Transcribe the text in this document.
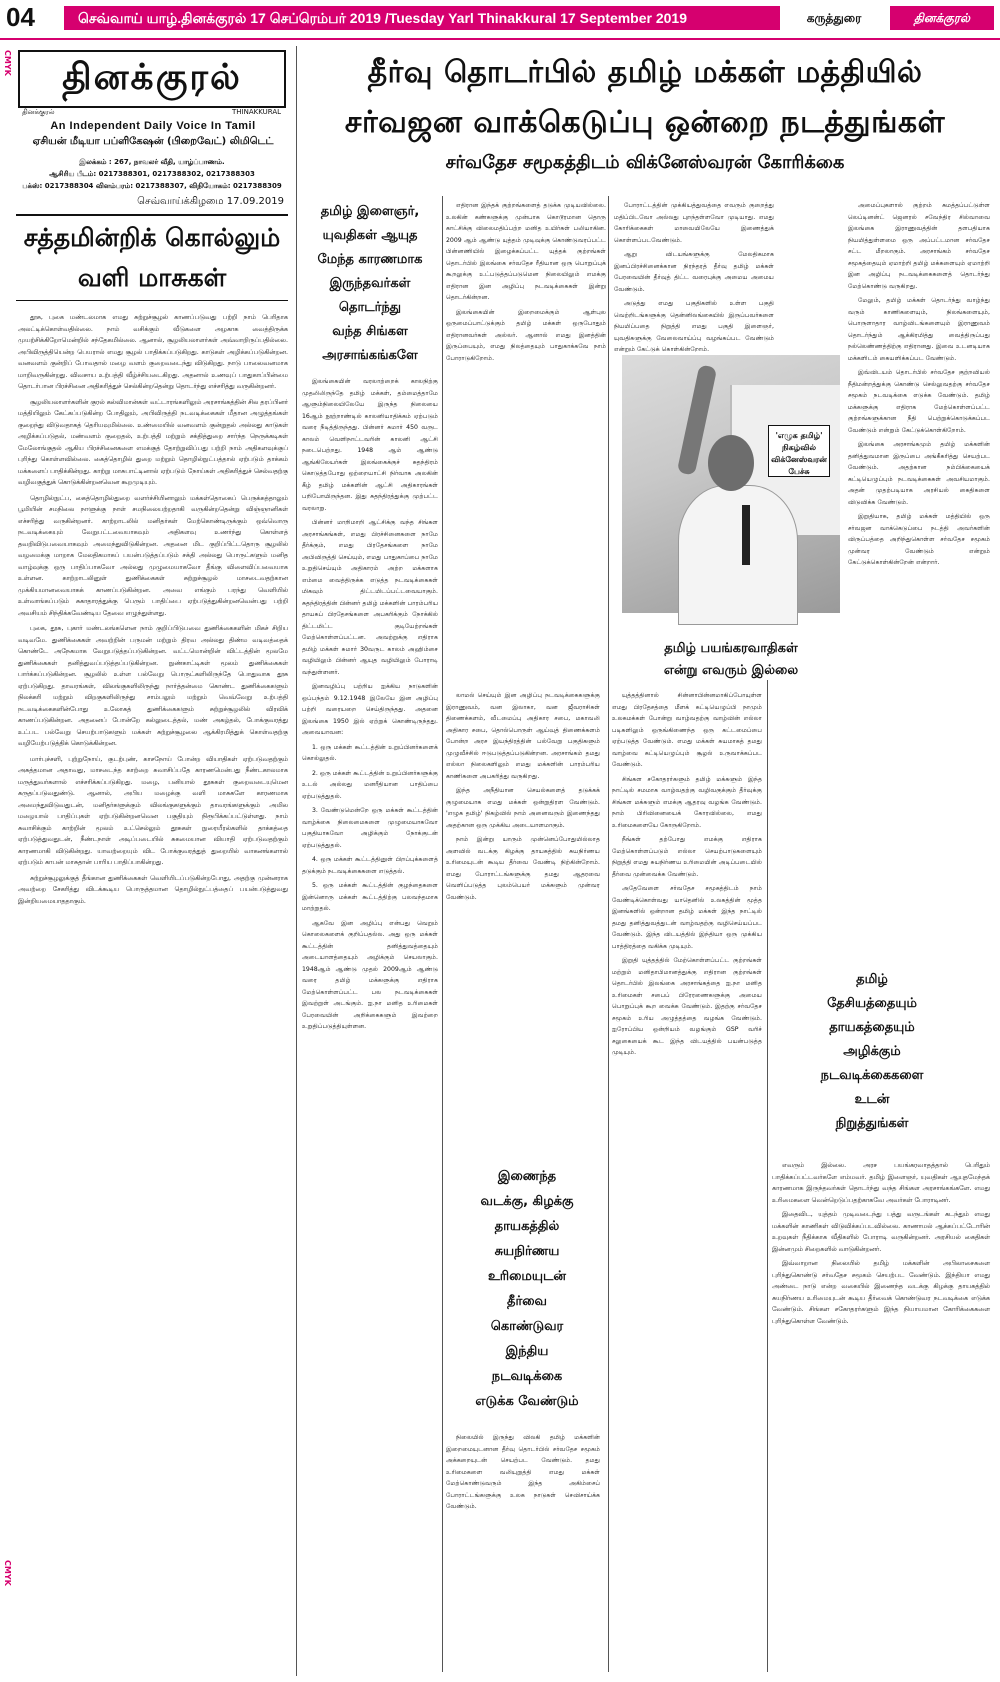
04	செவ்வாய் யாழ்.தினக்குரல் 17 செப்ரெம்பர் 2019 /Tuesday Yarl Thinakkural 17 September 2019	கருத்துரை	தினக்குரல்
CMYK
CMYK
தினக்குரல்
தினக்குரல்	THINAKKURAL
An Independent Daily Voice In Tamil
ஏசியன் மீடியா பப்ளிகேஷன் (பிறைவேட்) லிமிடெட்
இலக்கம் : 267, நாவலர் வீதி, யாழ்ப்பாணம்.
ஆசிரிய பீடம்: 0217388301, 0217388302, 0217388303
பக்ஸ்: 0217388304 விளம்பரம்: 0217388307, விநியோகம்: 0217388309
செவ்வாய்க்கிழமை 17.09.2019
சத்தமின்றிக் கொல்லும்
வளி மாசுகள்

தூசு, புகை மண்டலமாக எமது சுற்றுச்சூழல் காணப்படுவது பற்றி நாம் பெரிதாக அலட்டிக்கொள்வதில்லை. நாம் வசிக்கும் வீடுகளை அழகாக வைத்திருக்க முயற்சிக்கிறோமென்றில் சந்தேகமில்லை. ஆனால், சூழலியலாளர்கள் அவ்வாறிருப்பதில்லை. அபிவிருத்தியென்ற பெயரால் எமது சூழல் பாதிக்கப்படுகிறது. காடுகள் அழிக்கப்படுகின்றன. வனவளம் குன்றிப் போவதால் மழை வளம் குறைவடைந்து விடுகிறது. நாடு பாலைவனமாக மாறிவருகின்றது. விவசாய உற்பத்தி வீழ்ச்சியடைகிறது. அதனால் உணவுப் பாதுகாப்பின்மை தொடர்பான பிரச்சினை அதிகரித்துச் செல்கின்றதென்று தொடர்ந்து எச்சரித்து வருகின்றனர்.

சூழலியலாளர்களின் குரல் கல்விமான்கள் வட்டாரங்களிலும் அரசாங்கத்தின் சில தரப்பினர் மத்தியிலும் கேட்கப்படுகின்ற போதிலும், அபிவிருத்தி நடவடிக்கைகள் மீதான அழுத்தங்கள் குறைந்து விடுவதாகத் தெரியவுமில்லை. உண்மையில் வனவளம் குன்றுதல் அல்லது காடுகள் அழிக்கப்படுதல், மண்வளம் குறைதல், உற்பத்தி மற்றும் சக்தித்துறை சார்ந்த நெருக்கடிகள் மேலோங்குதல் ஆகிய பிரச்சினைகளை எமக்குத் தோற்றுவிப்பது பற்றி நாம் அதிகளவுக்குப் புரிந்து கொள்ளவில்லை. கைத்தொழில் துறை மற்றும் தொழில்நுட்பத்தால் ஏற்படும் தாக்கம் மக்களைப் பாதிக்கின்றது. காற்று மாசுபாட்டினால் ஏற்படும் நோய்கள் அதிகரித்துச் செல்வதற்கு வழிவகுத்துக் கொடுக்கின்றனவென கூறமுடியும்.

தொழில்நுட்ப, கைத்தொழில்துறை வளர்ச்சியினாலும் மக்கள்தொகைப் பெருக்கத்தாலும் பூமியின் சமநிலை நாளுக்கு நாள் சமநிலையற்றதாகி வருகின்றதென்று விஞ்ஞானிகள் எச்சரித்து வருகின்றனர். காற்றாடலில் மனிதர்கள் மேற்கொண்டிருக்கும் ஒவ்வொரு நடவடிக்கையும் வேறுபட்டவையாகவும் அதிகளவு உணர்ந்து கொள்ளத் தவறிவிடுபவையாகவும் அமைந்துவிடுகின்றன. அதனை மிட குறிப்பிட்டதொரு சூழலில் வழமைக்கு மாறாக மேலதிகமாகப் பயன்படுத்தப்படும் சக்தி அல்லது பொருட்களும் மனித வாழ்வுக்கு ஒரு பாதிப்பாகவோ அல்லது முழுமையாகவோ தீங்கு விளைவிப்பவையாக உள்ளன. காற்றாடலினுள் துணிக்கைகள் சுற்றுச்சூழல் மாசடைவதற்கான முக்கியமானவையாகக் காணப்படுகின்றன. அவை எங்கும் பரந்து வெளியில் உள்வாங்கப்படும் சுகாதாரத்துக்கு பெரும் பாதிப்பை ஏற்படுத்துகின்றனவென்பது பற்றி அவசியம் சிந்திக்கவேண்டிய தேவை எழுந்துள்ளது.

புகை, தூசு, புகார் மண்டலங்களென நாம் குறிப்பிடுபவை துணிக்கைகளின் மிகச் சிறிய வடிவமே. துணிக்கைகள் அவற்றின் பருமன் மற்றும் திரவ அல்லது திண்ம வடிவத்தைக் கொண்டே அநேகமாக வேறுபடுத்தப்படுகின்றன. வட்டமொன்றின் விட்டத்தின் மூலமே துணிக்கைகள் தனித்துவப்படுத்தப்படுகின்றன. நுண்காட்டிகள் மூலம் துணிக்கைகள் பார்க்கப்படுகின்றன. சூழலில் உள்ள பல்வேறு பொருட்களிலிருந்தே பொதுவாக தூசு ஏற்படுகிறது. தாவரங்கள், விலங்குகளிலிருந்து நார்த்தன்மை கொண்ட துணிக்கைகளும் நிலக்கரி மற்றும் விறகுகளிலிருந்து சாம்பலும் மற்றும் வெவ்வேறு உற்பத்தி நடவடிக்கைகளின்போது உலோகத் துணிக்கைகளும் சுற்றுச்சூழலில் விரவிக் காணப்படுகின்றன. அதனைப் போன்றே கல்லுடைத்தல், மண் அகழ்தல், போக்குவரத்து உட்பட பல்வேறு செயற்பாடுகளும் மக்கள் சுற்றுச்சூழலை ஆக்கிரமித்துக் கொள்வதற்கு வழியேற்படுத்திக் கொடுக்கின்றன.

மார்புச்சளி, புற்றுநோய், குடற்புண், காசநோய் போன்ற வியாதிகள் ஏற்படுவதற்கும் அசுத்தமான அதாவது, மாசடைந்த காற்றை சுவாசிப்பதே காரணமென்பது நீண்டகாலமாக மருத்துவர்களால் எச்சரிக்கப்படுகிறது. மழை, பனியால் தூசுகள் குறைவடையுமென கருதப்படுவதுண்டு. ஆனால், அபிய மழைக்கு வளி மாசுகளே காரணமாக அமைந்துவிடுவதுடன், மனிதர்களுக்கும் விலங்குகளுக்கும் தாவரங்களுக்கும் அமில மழையால் பாதிப்புகள் ஏற்படுகின்றனவென பகுதியும் நிரூபிக்கப்பட்டுள்ளது. நாம் சுவாசிக்கும் காற்றின் மூலம் உட்செல்லும் தூசுகள் நுரையீரல்களில் தாக்கத்தை ஏற்படுத்துவதுடன், நீண்டநாள் அடிப்படையில் சுகமையான வியாதி ஏற்படுவதற்கும் காரணமாகி விடுகின்றது. யாவற்றையும் விட போக்குவரத்துத் துறையில் வாகனங்களால் ஏற்படும் காபன் மாசுதான் பாரிய பாதிப்பாகின்றது.

சுற்றுச்சூழலுக்குத் தீங்கான துணிக்கைகள் வெளியிடப்படுகின்றபோது, அதற்கு முன்னராக அவற்றை சேகரித்து விடக்கூடிய பொருத்தமான தொழில்நுட்பத்தைப் பயன்படுத்துவது இன்றியமையாததாகும்.

தீர்வு தொடர்பில் தமிழ் மக்கள் மத்தியில்
சர்வஜன வாக்கெடுப்பு ஒன்றை நடத்துங்கள்
சர்வதேச சமூகத்திடம் விக்னேஸ்வரன் கோரிக்கை
தமிழ் இளைஞர்,
யுவதிகள் ஆயுத
மேந்த காரணமாக
இருந்தவர்கள்
தொடர்ந்து
வந்த சிங்கள
அரசாங்கங்களே

இலங்கையின் வரலாற்றைக் காலநிற்கு முதலிலிருந்தே தமிழ் மக்கள், தம்மைத்தாமே ஆளும்நிலையிலேயே இருந்த நிலையை 16ஆம் நூற்றாண்டில் காலனியாதிக்கம் ஏற்படும் வரை நீடித்திருந்தது. பின்னர் சுமார் 450 வருட காலம் வெளிநாட்டவரின் காலனி ஆட்சி நடைபெற்றது. 1948 ஆம் ஆண்டு ஆங்கிலேயர்கள் இலங்கைக்குச் சுதந்திரம் கொடுத்தபோது ஒற்றையாட்சி நிர்வாக அலகின் கீழ் தமிழ் மக்களின் ஆட்சி அதிகாரங்கள் பறிபோயிருந்தன. இது சுதந்திரத்துக்கு முற்பட்ட வரலாறு.

பின்னர் மாறிமாறி ஆட்சிக்கு வந்த சிங்கள அரசாங்கங்கள், எமது பிரச்சினைகளை நாமே தீர்க்கும், எமது பிரதேசங்களை நாமே அபிவிருத்தி செய்யும், எமது பாதுகாப்பை நாமே உறுதிசெய்யும் அதிகாரம் அற்ற மக்களாக எம்மை வைத்திருக்க எடுத்த நடவடிக்கைகள் மிகவும் திட்டமிடப்பட்டவையாகும். சுதந்திரத்தின் பின்னர் தமிழ் மக்களின் பாரம்பரிய தாயகப் பிரதேசங்களை அபகரிக்கும் நோக்கில் திட்டமிட்ட குடியேற்றங்கள் மேற்கொள்ளப்பட்டன. அவற்றுக்கு எதிராக தமிழ் மக்கள் சுமார் 30வருட காலம் அஹிம்சை வழியிலும் பின்னர் ஆயுத வழியிலும் போராடி வந்துள்ளனர்.

இனவழிப்பு பற்றிய ஐக்கிய நாடுகளின் ஒப்பந்தம் 9.12.1948 இலேயே இன அழிப்பு பற்றி வரையறை செய்திருந்தது. அதனை இலங்கை 1950 இல் ஏற்றுக் கொண்டிருந்தது. அவையாவன:

1. ஒரு மக்கள் கூட்டத்தின் உறுப்பினர்களைக் கொல்லுதல்.

2. ஒரு மக்கள் கூட்டத்தின் உறுப்பினர்களுக்கு உடல் அல்லது மனரீதியான பாதிப்பை ஏற்படுத்துதல்.

3. வேண்டுமென்றே ஒரு மக்கள் கூட்டத்தின் வாழ்க்கை நிலைமைகளை முழுமையாகவோ பகுதியாகவோ அழிக்கும் நோக்குடன் ஏற்படுத்துதல்.

4. ஒரு மக்கள் கூட்டத்தினுள் பிறப்புக்களைத் தடுக்கும் நடவடிக்கைகளை எடுத்தல்.

5. ஒரு மக்கள் கூட்டத்தின் குழந்தைகளை இன்னொரு மக்கள் கூட்டத்திற்கு பலவந்தமாக மாற்றுதல்.

ஆகவே இன அழிப்பு என்பது வெறும் கொலைகளைக் குறிப்பதல்ல. அது ஒரு மக்கள் கூட்டத்தின் தனித்துவத்தையும் அடையாளத்தையும் அழிக்கும் செயலாகும். 1948ஆம் ஆண்டு முதல் 2009ஆம் ஆண்டு வரை தமிழ் மக்களுக்கு எதிராக மேற்கொள்ளப்பட்ட பல நடவடிக்கைகள் இவற்றுள் அடங்கும். ஐ.நா மனித உரிமைகள் பேரவையின் அறிக்கைகளும் இவற்றை உறுதிப்படுத்தியுள்ளன.

எதிரான இந்தக் குற்றங்களைத் தடுக்க முடியவில்லை. உலகின் கண்களுக்கு முன்பாக கொடூரமான தொரு காட்சிக்கு விலைமதிப்பற்ற மனித உயிர்கள் பலியாகின. 2009 ஆம் ஆண்டு யுத்தம் முடிவுக்கு கொண்டுவரப்பட்ட பின்னணியில் இழைக்கப்பட்ட யுத்தக் குற்றங்கள் தொடர்பில் இலங்கை சர்வதேச ரீதியான ஒரு பொறுப்புக் கூறலுக்கு உட்படுத்தப்படுமென நிலையிலும் எமக்கு எதிரான இன அழிப்பு நடவடிக்கைகள் இன்று தொடர்கின்றன.

இலங்கையின் இறைமைக்கும் ஆள்புல ஒருமைப்பாட்டுக்கும் தமிழ் மக்கள் ஒருபோதும் எதிரானவர்கள் அல்லர். ஆனால் எமது இனத்தின் இருப்பையும், எமது நிலத்தையும் பாதுகாக்கவே நாம் போராடுகிறோம்.

போராட்டத்தின் முக்கியத்துவத்தை எவரும் குறைத்து மதிப்பிடவோ அல்லது புறந்தள்ளவோ முடியாது. எமது கோரிக்கைகள் மாவையிலேயே இணைத்துக் கொள்ளப்படவேண்டும்.

ஆறு விடயங்களுக்கு மேலதிகமாக இனப்பிரச்சினைக்கான நிரந்தரத் தீர்வு தமிழ் மக்கள் பேரவையின் தீர்வுத் திட்ட வரைபுக்கு அமைய அமைய வேண்டும்.

அடுத்து எமது பகுதிகளில் உள்ள பகுதி வெற்றிடங்களுக்கு தென்னிலங்கையில் இருப்பவர்களை நியமிப்பதை நிறுத்தி எமது பகுதி இளைஞர், யுவதிகளுக்கு வேலைவாய்ப்பு வழங்கப்பட வேண்டும் என்றும் கேட்டுக் கொள்கின்றோம்.

'எழுக தமிழ்'
நிகழ்வில்
விக்னேஸ்வரன்
பேச்சு
தமிழ் பயங்கரவாதிகள்
என்று எவரும் இல்லை

அமைப்புகளால் குற்றம் சுமத்தப்பட்டுள்ள லெப்டினன்ட் ஜெனரல் சவேந்திர சில்வாவை இலங்கை இராணுவத்தின் தளபதியாக நியமித்துள்ளமை ஒரு அப்பட்டமான சர்வதேச சட்ட மீறலாகும். அரசாங்கம் சர்வதேச சமூகத்தையும் ஏமாற்றி தமிழ் மக்களையும் ஏமாற்றி இன அழிப்பு நடவடிக்கைகளைத் தொடர்ந்து மேற்கொண்டு வருகிறது.

மேலும், தமிழ் மக்கள் தொடர்ந்து வாழ்ந்து வரும் காணிகளையும், நிலங்களையும், பொருளாதார வாழ்விடங்களையும் இராணுவம் தொடர்ந்தும் ஆக்கிரமித்து வைத்திருப்பது நல்லெண்ணத்திற்கு எதிரானது. இவை உடனடியாக மக்களிடம் கையளிக்கப்பட வேண்டும்.

இவ்விடயம் தொடர்பில் சர்வதேச குற்றவியல் நீதிமன்றத்துக்கு கொண்டு செல்லுவதற்கு சர்வதேச சமூகம் நடவடிக்கை எடுக்க வேண்டும். தமிழ் மக்களுக்கு எதிராக மேற்கொள்ளப்பட்ட குற்றங்களுக்கான நீதி பெற்றுக்கொடுக்கப்பட வேண்டும் என்றும் கேட்டுக்கொள்கிறோம்.

இலங்கை அரசாங்கமும் தமிழ் மக்களின் தனித்துவமான இருப்பை அங்கீகரித்து செயற்பட வேண்டும். அதற்கான நம்பிக்கையைக் கட்டியெழுப்பும் நடவடிக்கைகள் அவசியமாகும். அதன் முதற்படியாக அரசியல் கைதிகளை விடுவிக்க வேண்டும்.

இறுதியாக, தமிழ் மக்கள் மத்தியில் ஒரு சர்வஜன வாக்கெடுப்பை நடத்தி அவர்களின் விருப்பத்தை அறிந்துகொள்ள சர்வதேச சமூகம் முன்வர வேண்டும் என்றும் கேட்டுக்கொள்கின்றேன் என்றார்.

லாமல் செய்யும் இன அழிப்பு நடவடிக்கைகளுக்கு இராணுவம், வன இலாகா, வன ஜீவராசிகள் திணைக்களம், வீடமைப்பு அதிகார சபை, மகாவலி அதிகார சபை, தொல்பொருள் ஆய்வுத் திணைக்களம் போன்ற அரச இயந்திரத்தின் பல்வேறு பகுதிகளும் முழுவீச்சில் ஈடுபடுத்தப்படுகின்றன. அரசாங்கம் தமது எல்லா நிலைகளிலும் எமது மக்களின் பாரம்பரிய காணிகளை அபகரித்து வருகிறது.

இந்த அநீதியான செயல்களைத் தடுக்கக் குழுமையாக எமது மக்கள் ஒன்றுதிரள வேண்டும். 'எழுக தமிழ்' நிகழ்வில் நாம் அனைவரும் இணைந்தது அதற்கான ஒரு முக்கிய அடையாளமாகும்.

நாம் இன்று யாரும் முன்னெப்போதுமில்லாத அளவில் வடக்கு கிழக்கு தாயகத்தில் சுயநிர்ணய உரிமையுடன் கூடிய தீர்வை வேண்டி நிற்கின்றோம். எமது போராட்டங்களுக்கு தமது ஆதரவை வெளிப்படுத்த புலம்பெயர் மக்களும் முன்வர வேண்டும்.

இணைந்த
வடக்கு, கிழக்கு
தாயகத்தில்
சுயநிர்ணய
உரிமையுடன்
தீர்வை
கொண்டுவர
இந்திய
நடவடிக்கை
எடுக்க வேண்டும்

நிலையில் இருந்து விலகி தமிழ் மக்களின் இறைமையுடனான தீர்வு தொடர்பில் சர்வதேச சமூகம் அக்கறையுடன் செயற்பட வேண்டும். தமது உரிமைகளை வலியுறுத்தி எமது மக்கள் மேற்கொண்டுவரும் இந்த அகிம்சைப் போராட்டங்களுக்கு உலக நாடுகள் செவிசாய்க்க வேண்டும்.

யுத்தத்தினால் சின்னாபின்னமாகிப்போயுள்ள எமது பிரதேசத்தை மீளக் கட்டியெழுப்பி நாமும் உலகமக்கள் போன்று வாழ்வதற்கு வாழ்வின் எல்லா படிகளிலும் ஒருங்கிணைந்த ஒரு கட்டமைப்பை ஏற்படுத்த வேண்டும். எமது மக்கள் சுயமாகத் தமது வாழ்வை கட்டியெழுப்பும் சூழல் உருவாக்கப்பட வேண்டும்.

சிங்கள சகோதரர்களும் தமிழ் மக்களும் இந்த நாட்டில் சமமாக வாழ்வதற்கு வழிவகுக்கும் தீர்வுக்கு சிங்கள மக்களும் எமக்கு ஆதரவு வழங்க வேண்டும். நாம் பிரிவினையைக் கோரவில்லை, எமது உரிமைகளையே கோருகிறோம்.

நீங்கள் தற்போது எமக்கு எதிராக மேற்கொள்ளப்படும் எல்லா செயற்பாடுகளையும் நிறுத்தி எமது சுயநிர்ணய உரிமையின் அடிப்படையில் தீர்வை முன்வைக்க வேண்டும்.

அதேவேளை சர்வதேச சமூகத்திடம் நாம் வேண்டிக்கொள்வது யாதெனில் உலகத்தின் மூத்த இனங்களில் ஒன்றான தமிழ் மக்கள் இந்த நாட்டில் தமது தனித்துவத்துடன் வாழ்வதற்கு வழிசெய்யப்பட வேண்டும். இந்த விடயத்தில் இந்தியா ஒரு முக்கிய பாத்திரத்தை வகிக்க முடியும்.

இறுதி யுத்தத்தில் மேற்கொள்ளப்பட்ட குற்றங்கள் மற்றும் மனிதாபிமானத்துக்கு எதிரான குற்றங்கள் தொடர்பில் இலங்கை அரசாங்கத்தை ஐ.நா மனித உரிமைகள் சபைப் பிரேரணைகளுக்கு அமைய பொறுப்புக் கூற வைக்க வேண்டும். இதற்கு சர்வதேச சமூகம் உரிய அழுத்தத்தை வழங்க வேண்டும். ஐரோப்பிய ஒன்றியம் வழங்கும் GSP வரிச் சலுகையைக் கூட இந்த விடயத்தில் பயன்படுத்த முடியும்.

தமிழ்
தேசியத்தையும்
தாயகத்தையும்
அழிக்கும்
நடவடிக்கைகளை
உடன்
நிறுத்துங்கள்

எவரும் இல்லை. அரச பயங்கரவாதத்தால் பெரிதும் பாதிக்கப்பட்டவர்களே எம்மவர். தமிழ் இளைஞர், யுவதிகள் ஆயுதமேந்தக் காரணமாக இருந்தவர்கள் தொடர்ந்து வந்த சிங்கள அரசாங்கங்களே. எமது உரிமைகளை வென்றெடுப்பதற்காகவே அவர்கள் போராடினர்.

இதைவிட, யுத்தம் முடிவடைந்து பத்து வருடங்கள் கடந்தும் எமது மக்களின் காணிகள் விடுவிக்கப்படவில்லை. காணாமல் ஆக்கப்பட்டோரின் உறவுகள் நீதிக்காக வீதிகளில் போராடி வருகின்றனர். அரசியல் கைதிகள் இன்னமும் சிறைகளில் வாடுகின்றனர்.

இவ்வாறான நிலையில் தமிழ் மக்களின் அபிலாசைகளை புரிந்துகொண்டு சர்வதேச சமூகம் செயற்பட வேண்டும். இந்தியா எமது அண்டை நாடு என்ற வகையில் இணைந்த வடக்கு கிழக்கு தாயகத்தில் சுயநிர்ணய உரிமையுடன் கூடிய தீர்வைக் கொண்டுவர நடவடிக்கை எடுக்க வேண்டும். சிங்கள சகோதரர்களும் இந்த நியாயமான கோரிக்கைகளை புரிந்துகொள்ள வேண்டும்.
